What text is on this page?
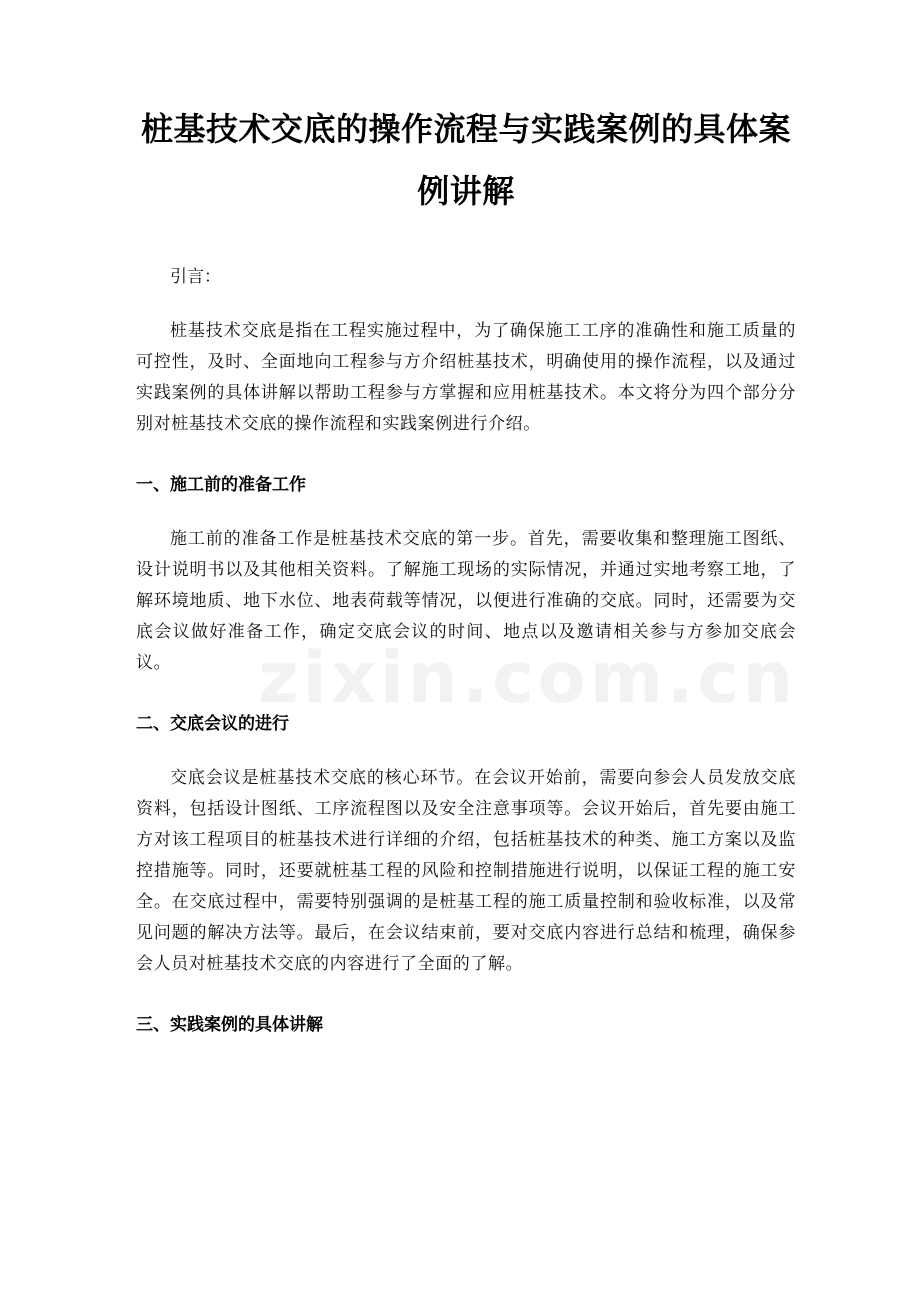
zixin.com.cn
桩基技术交底的操作流程与实践案例的具体案例讲解
引言：

桩基技术交底是指在工程实施过程中，为了确保施工工序的准确性和施工质量的可控性，及时、全面地向工程参与方介绍桩基技术，明确使用的操作流程，以及通过实践案例的具体讲解以帮助工程参与方掌握和应用桩基技术。本文将分为四个部分分别对桩基技术交底的操作流程和实践案例进行介绍。

一、施工前的准备工作

施工前的准备工作是桩基技术交底的第一步。首先，需要收集和整理施工图纸、设计说明书以及其他相关资料。了解施工现场的实际情况，并通过实地考察工地，了解环境地质、地下水位、地表荷载等情况，以便进行准确的交底。同时，还需要为交底会议做好准备工作，确定交底会议的时间、地点以及邀请相关参与方参加交底会议。

二、交底会议的进行

交底会议是桩基技术交底的核心环节。在会议开始前，需要向参会人员发放交底资料，包括设计图纸、工序流程图以及安全注意事项等。会议开始后，首先要由施工方对该工程项目的桩基技术进行详细的介绍，包括桩基技术的种类、施工方案以及监控措施等。同时，还要就桩基工程的风险和控制措施进行说明，以保证工程的施工安全。在交底过程中，需要特别强调的是桩基工程的施工质量控制和验收标准，以及常见问题的解决方法等。最后，在会议结束前，要对交底内容进行总结和梳理，确保参会人员对桩基技术交底的内容进行了全面的了解。

三、实践案例的具体讲解
